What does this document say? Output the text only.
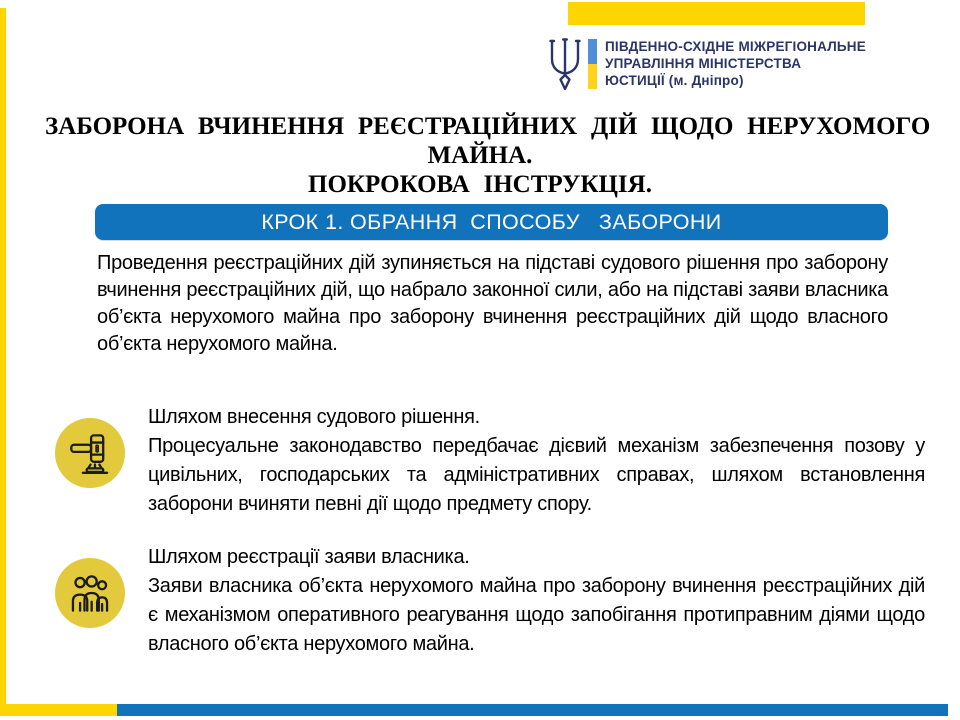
ПІВДЕННО-СХІДНЕ МІЖРЕГІОНАЛЬНЕ
УПРАВЛІННЯ МІНІСТЕРСТВА
ЮСТИЦІЇ (м. Дніпро)
ЗАБОРОНА ВЧИНЕННЯ РЕЄСТРАЦІЙНИХ ДІЙ ЩОДО НЕРУХОМОГО
МАЙНА.
ПОКРОКОВА ІНСТРУКЦІЯ.
КРОК 1. ОБРАННЯ  СПОСОБУ   ЗАБОРОНИ
Проведення реєстраційних дій зупиняється на підставі судового рішення про заборону вчинення реєстраційних дій, що набрало законної сили, або на підставі заяви власника об’єкта нерухомого майна про заборону вчинення реєстраційних дій щодо власного об’єкта нерухомого майна.
Шляхом внесення судового рішення.
Процесуальне законодавство передбачає дієвий механізм забезпечення позову у цивільних, господарських та адміністративних справах, шляхом встановлення заборони вчиняти певні дії щодо предмету спору.
Шляхом реєстрації заяви власника.
Заяви власника об’єкта нерухомого майна про заборону вчинення реєстраційних дій є механізмом оперативного реагування щодо запобігання протиправним діями щодо власного об’єкта нерухомого майна.
